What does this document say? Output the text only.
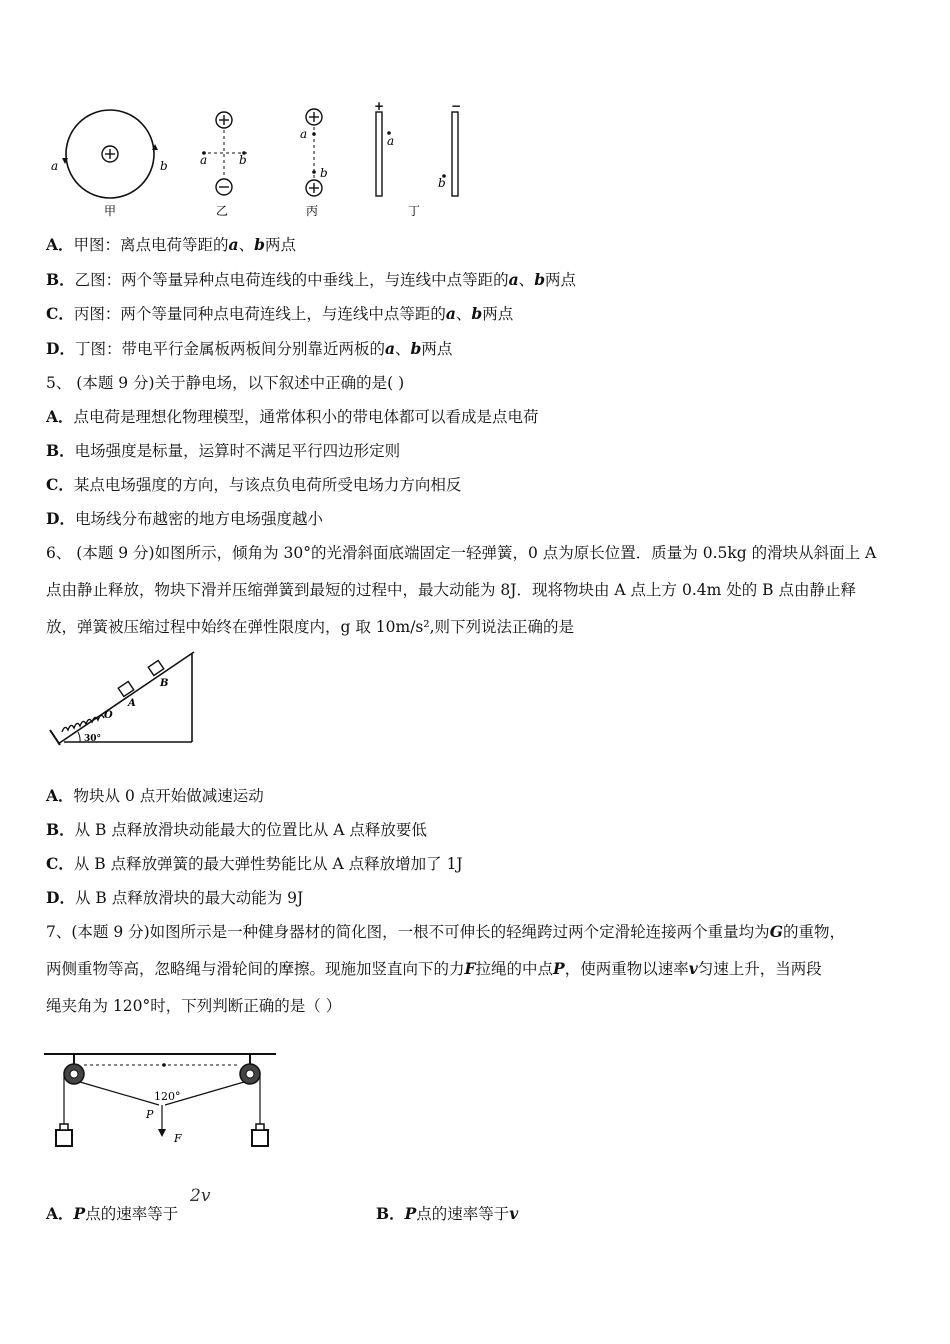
a	b
甲
a	b
乙
a
b
丙
+	−
a
b
丁
A．甲图：离点电荷等距的a、b两点
B．乙图：两个等量异种点电荷连线的中垂线上，与连线中点等距的a、b两点
C．丙图：两个等量同种点电荷连线上，与连线中点等距的a、b两点
D．丁图：带电平行金属板两板间分别靠近两板的a、b两点
5、 (本题 9 分)关于静电场，以下叙述中正确的是( )
A．点电荷是理想化物理模型，通常体积小的带电体都可以看成是点电荷
B．电场强度是标量，运算时不满足平行四边形定则
C．某点电场强度的方向，与该点负电荷所受电场力方向相反
D．电场线分布越密的地方电场强度越小
6、 (本题 9 分)如图所示，倾角为 30°的光滑斜面底端固定一轻弹簧，0 点为原长位置．质量为 0.5kg 的滑块从斜面上 A
点由静止释放，物块下滑并压缩弹簧到最短的过程中，最大动能为 8J．现将物块由 A 点上方 0.4m 处的 B 点由静止释
放，弹簧被压缩过程中始终在弹性限度内，g 取 10m/s²,则下列说法正确的是
30°
O
A
B
A．物块从 0 点开始做减速运动
B．从 B 点释放滑块动能最大的位置比从 A 点释放要低
C．从 B 点释放弹簧的最大弹性势能比从 A 点释放增加了 1J
D．从 B 点释放滑块的最大动能为 9J
7、(本题 9 分)如图所示是一种健身器材的简化图，一根不可伸长的轻绳跨过两个定滑轮连接两个重量均为G的重物，
两侧重物等高，忽略绳与滑轮间的摩擦。现施加竖直向下的力F拉绳的中点P，使两重物以速率v匀速上升，当两段
绳夹角为 120°时，下列判断正确的是（ ）
120°
P
F
A．P点的速率等于
2v
B．P点的速率等于v
